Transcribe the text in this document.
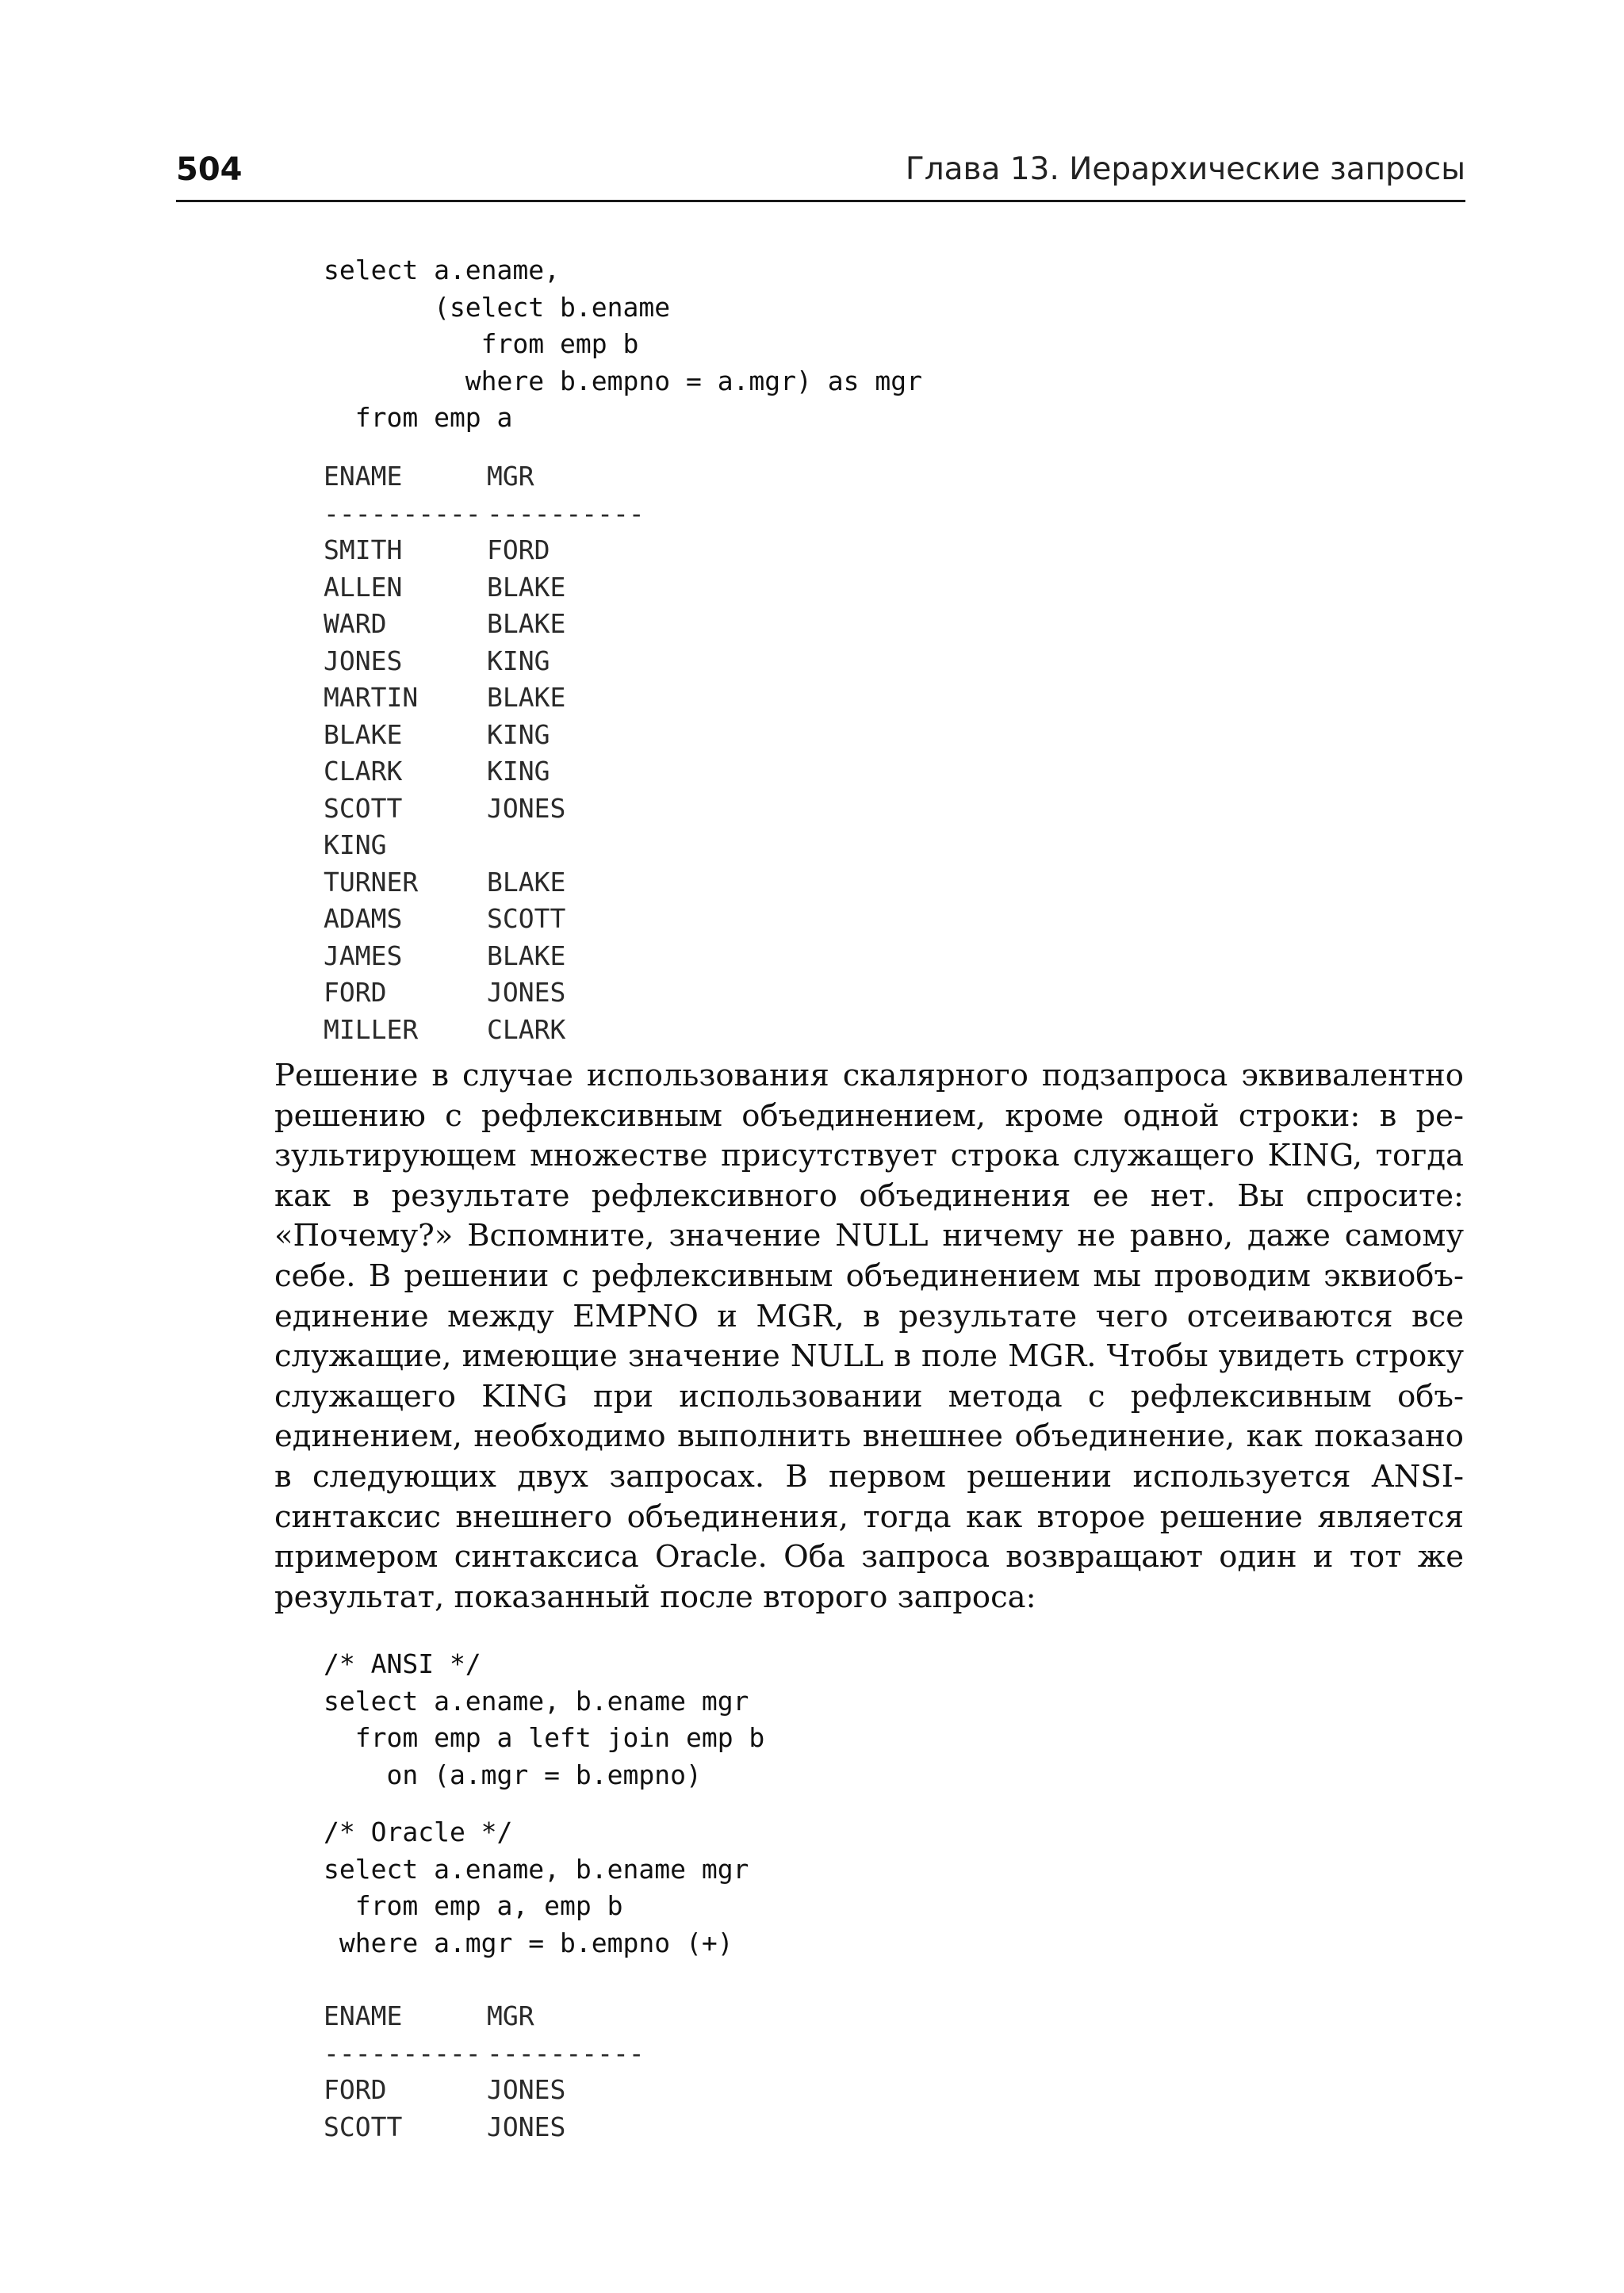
504	Глава 13. Иерархические запросы
select a.ename,
(select b.ename
from emp b
where b.empno = a.mgr) as mgr
from emp a
ENAME	MGR
---------- ----------
SMITH	FORD
ALLEN	BLAKE
WARD	BLAKE
JONES	KING
MARTIN	BLAKE
BLAKE	KING
CLARK	KING
SCOTT	JONES
KING
TURNER	BLAKE
ADAMS	SCOTT
JAMES	BLAKE
FORD	JONES
MILLER	CLARK

Решение в случае использования скалярного подзапроса эквивалентно решению с рефлексивным объединением, кроме одной строки: в результирующем множестве присутствует строка служащего KING, тогда как в результате рефлексивного объединения ее нет. Вы спросите: «Почему?» Вспомните, значение NULL ничему не равно, даже самому себе. В решении с рефлексивным объединением мы проводим эквиобъединение между EMPNO и MGR, в результате чего отсеиваются все служащие, имеющие значение NULL в поле MGR. Чтобы увидеть строку служащего KING при использовании метода с рефлексивным объединением, необходимо выполнить внешнее объединение, как показано в следующих двух запросах. В первом решении используется ANSI-синтаксис внешнего объединения, тогда как второе решение является примером синтаксиса Oracle. Оба запроса возвращают один и тот же результат, показанный после второго запроса:

/* ANSI */
select a.ename, b.ename mgr
from emp a left join emp b
on (a.mgr = b.empno)
/* Oracle */
select a.ename, b.ename mgr
from emp a, emp b
where a.mgr = b.empno (+)
ENAME	MGR
---------- ----------
FORD	JONES
SCOTT	JONES
